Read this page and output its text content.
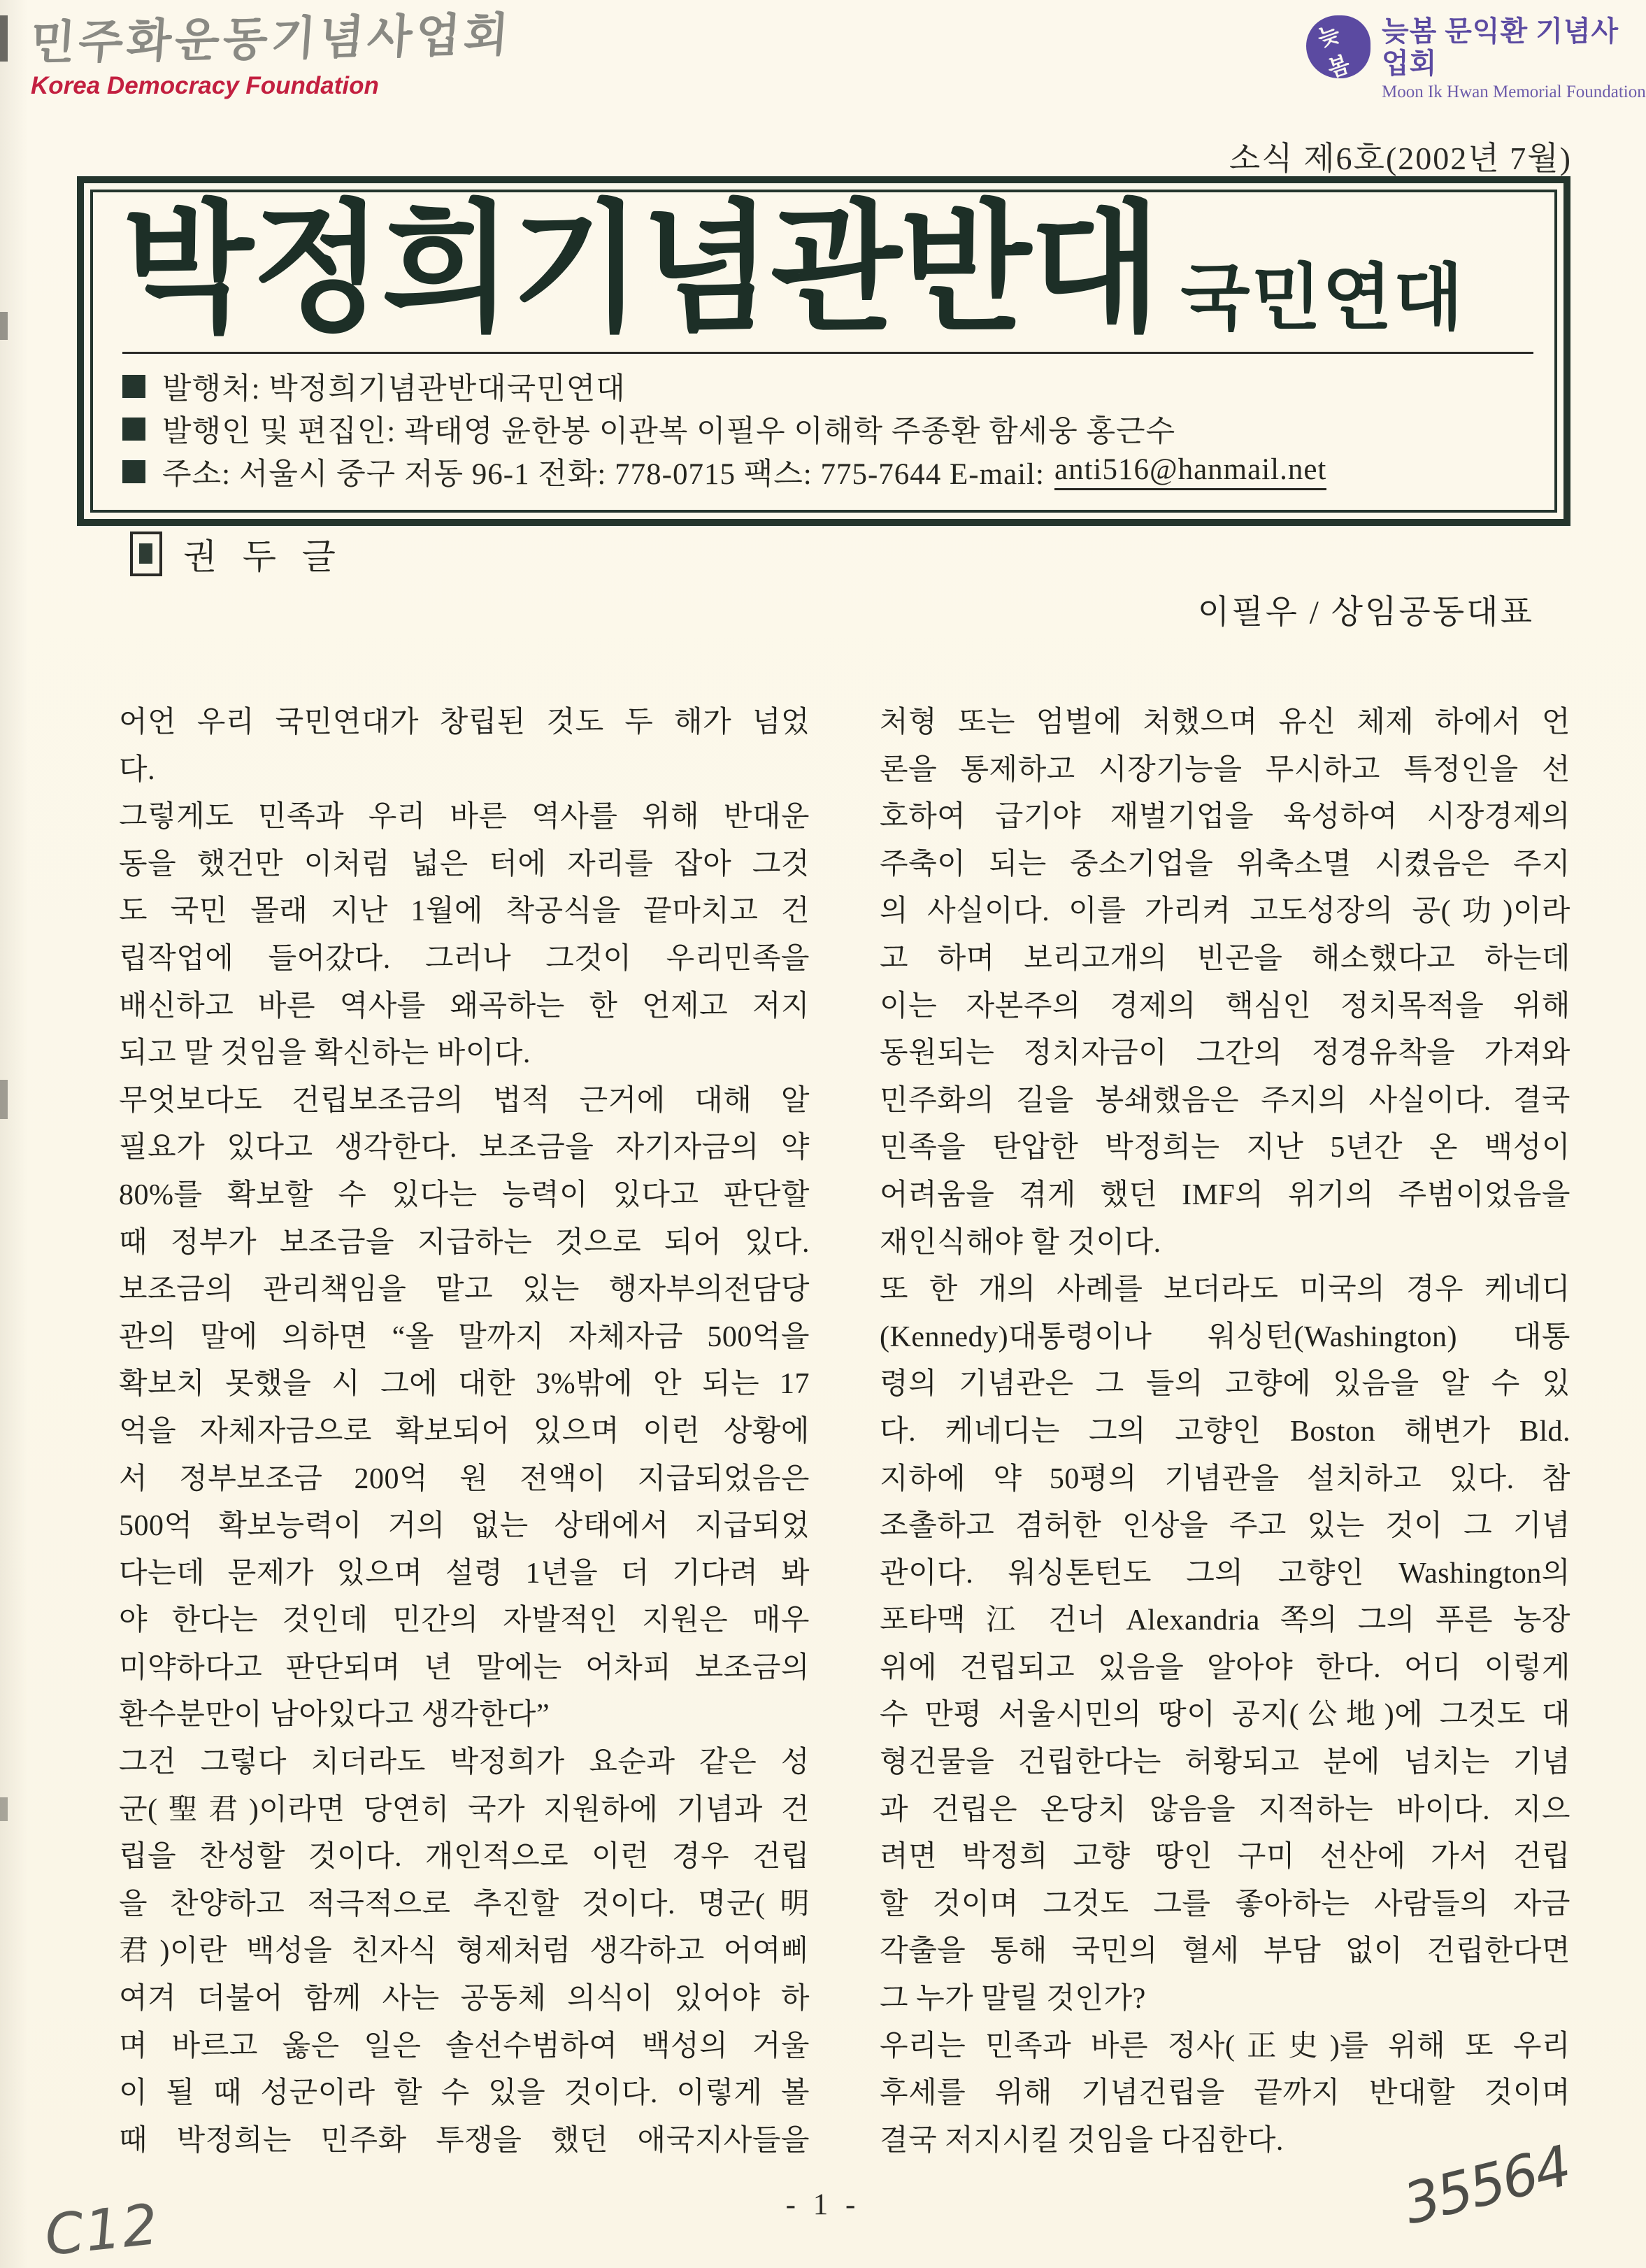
민주화운동기념사업회
Korea Democracy Foundation
늦봄
늦봄 문익환 기념사업회
Moon Ik Hwan Memorial Foundation
소식 제6호(2002년 7월)
박정희기념관반대 국민연대
발행처: 박정희기념관반대국민연대
발행인 및 편집인: 곽태영 윤한봉 이관복 이필우 이해학 주종환 함세웅 홍근수
주소: 서울시 중구 저동 96-1 전화: 778-0715 팩스: 775-7644 E-mail: anti516@hanmail.net
권 두 글
이필우 / 상임공동대표
어언 우리 국민연대가 창립된 것도 두 해가 넘었
다.
그렇게도 민족과 우리 바른 역사를 위해 반대운
동을 했건만 이처럼 넓은 터에 자리를 잡아 그것
도 국민 몰래 지난 1월에 착공식을 끝마치고 건
립작업에 들어갔다. 그러나 그것이 우리민족을
배신하고 바른 역사를 왜곡하는 한 언제고 저지
되고 말 것임을 확신하는 바이다.
무엇보다도 건립보조금의 법적 근거에 대해 알
필요가 있다고 생각한다. 보조금을 자기자금의 약
80%를 확보할 수 있다는 능력이 있다고 판단할
때 정부가 보조금을 지급하는 것으로 되어 있다.
보조금의 관리책임을 맡고 있는 행자부의전담당
관의 말에 의하면 “올 말까지 자체자금 500억을
확보치 못했을 시 그에 대한 3%밖에 안 되는 17
억을 자체자금으로 확보되어 있으며 이런 상황에
서 정부보조금 200억 원 전액이 지급되었음은
500억 확보능력이 거의 없는 상태에서 지급되었
다는데 문제가 있으며 설령 1년을 더 기다려 봐
야 한다는 것인데 민간의 자발적인 지원은 매우
미약하다고 판단되며 년 말에는 어차피 보조금의
환수분만이 남아있다고 생각한다”
그건 그렇다 치더라도 박정희가 요순과 같은 성
군(聖君)이라면 당연히 국가 지원하에 기념과 건
립을 찬성할 것이다. 개인적으로 이런 경우 건립
을 찬양하고 적극적으로 추진할 것이다. 명군(明
君)이란 백성을 친자식 형제처럼 생각하고 어여삐
여겨 더불어 함께 사는 공동체 의식이 있어야 하
며 바르고 옳은 일은 솔선수범하여 백성의 거울
이 될 때 성군이라 할 수 있을 것이다. 이렇게 볼
때 박정희는 민주화 투쟁을 했던 애국지사들을
처형 또는 엄벌에 처했으며 유신 체제 하에서 언
론을 통제하고 시장기능을 무시하고 특정인을 선
호하여 급기야 재벌기업을 육성하여 시장경제의
주축이 되는 중소기업을 위축소멸 시켰음은 주지
의 사실이다. 이를 가리켜 고도성장의 공(功)이라
고 하며 보리고개의 빈곤을 해소했다고 하는데
이는 자본주의 경제의 핵심인 정치목적을 위해
동원되는 정치자금이 그간의 정경유착을 가져와
민주화의 길을 봉쇄했음은 주지의 사실이다. 결국
민족을 탄압한 박정희는 지난 5년간 온 백성이
어려움을 겪게 했던 IMF의 위기의 주범이었음을
재인식해야 할 것이다.
또 한 개의 사례를 보더라도 미국의 경우 케네디
(Kennedy)대통령이나 워싱턴(Washington) 대통
령의 기념관은 그 들의 고향에 있음을 알 수 있
다. 케네디는 그의 고향인 Boston 해변가 Bld.
지하에 약 50평의 기념관을 설치하고 있다. 참
조촐하고 겸허한 인상을 주고 있는 것이 그 기념
관이다. 워싱톤턴도 그의 고향인 Washington의
포타맥 江 건너 Alexandria 쪽의 그의 푸른 농장
위에 건립되고 있음을 알아야 한다. 어디 이렇게
수 만평 서울시민의 땅이 공지(公地)에 그것도 대
형건물을 건립한다는 허황되고 분에 넘치는 기념
과 건립은 온당치 않음을 지적하는 바이다. 지으
려면 박정희 고향 땅인 구미 선산에 가서 건립
할 것이며 그것도 그를 좋아하는 사람들의 자금
각출을 통해 국민의 혈세 부담 없이 건립한다면
그 누가 말릴 것인가?
우리는 민족과 바른 정사(正史)를 위해 또 우리
후세를 위해 기념건립을 끝까지 반대할 것이며
결국 저지시킬 것임을 다짐한다.
- 1 -
C12	35564
